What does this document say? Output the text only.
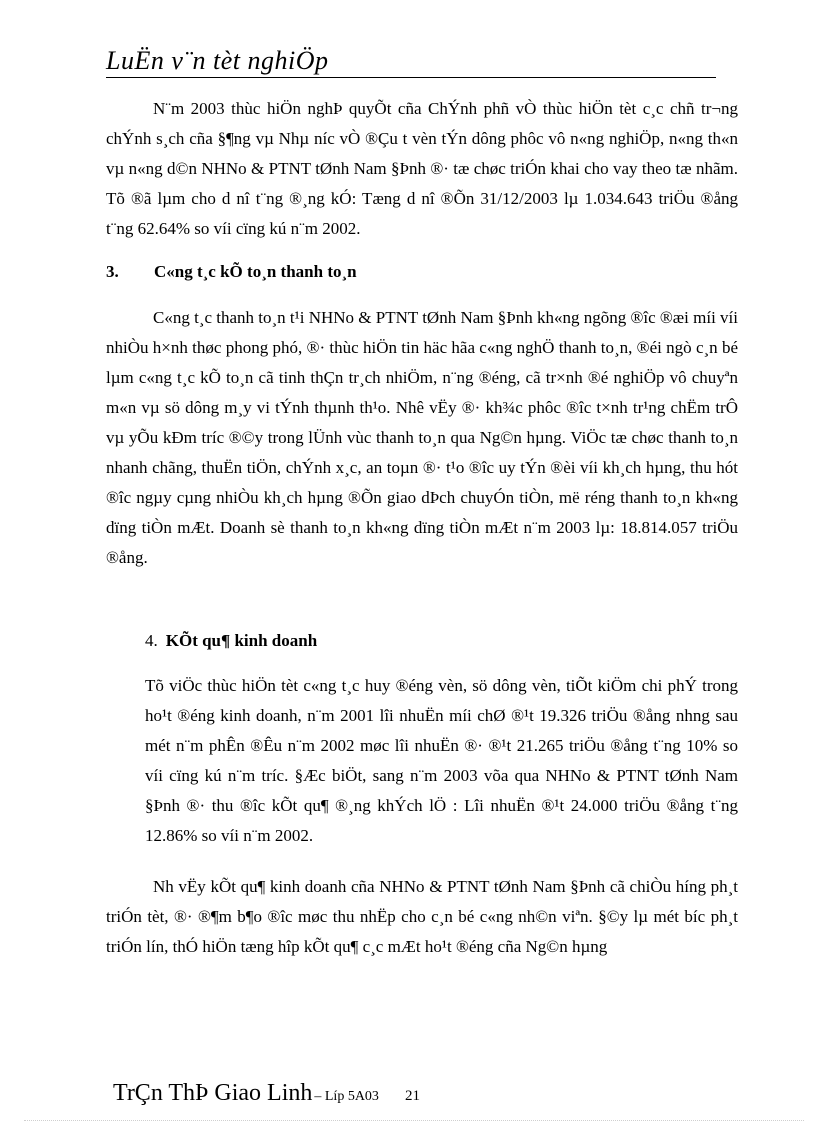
LuËn v¨n tèt nghiÖp

N¨m 2003 thùc hiÖn nghÞ quyÕt cña ChÝnh phñ vÒ thùc hiÖn tèt c¸c chñ tr¬ng chÝnh s¸ch cña §¶ng vµ Nhµ níc vÒ ®Çu t vèn tÝn dông phôc vô n«ng nghiÖp, n«ng th«n vµ n«ng d©n NHNo & PTNT tØnh Nam §Þnh ®· tæ chøc triÓn khai cho vay theo tæ nhãm. Tõ ®ã lµm cho d nî t¨ng ®¸ng kÓ: Tæng d nî ®Õn 31/12/2003 lµ 1.034.643 triÖu ®ång t¨ng 62.64% so víi cïng kú n¨m 2002.

3. C«ng t¸c kÕ to¸n thanh to¸n

C«ng t¸c thanh to¸n t¹i NHNo & PTNT tØnh Nam §Þnh kh«ng ngõng ®îc ®æi míi víi nhiÒu h×nh thøc phong phó, ®· thùc hiÖn tin häc hãa c«ng nghÖ thanh to¸n, ®éi ngò c¸n bé lµm c«ng t¸c kÕ to¸n cã tinh thÇn tr¸ch nhiÖm, n¨ng ®éng, cã tr×nh ®é nghiÖp vô chuyªn m«n vµ sö dông m¸y vi tÝnh thµnh th¹o. Nhê vËy ®· kh¾c phôc ®îc t×nh tr¹ng chËm trÔ vµ yÕu kÐm tríc ®©y trong lÜnh vùc thanh to¸n qua Ng©n hµng. ViÖc tæ chøc thanh to¸n nhanh chãng, thuËn tiÖn, chÝnh x¸c, an toµn ®· t¹o ®îc uy tÝn ®èi víi kh¸ch hµng, thu hót ®îc ngµy cµng nhiÒu kh¸ch hµng ®Õn giao dÞch chuyÓn tiÒn, më réng thanh to¸n kh«ng dïng tiÒn mÆt. Doanh sè thanh to¸n kh«ng dïng tiÒn mÆt n¨m 2003 lµ: 18.814.057 triÖu ®ång.

4. KÕt qu¶ kinh doanh

Tõ viÖc thùc hiÖn tèt c«ng t¸c huy ®éng vèn, sö dông vèn, tiÕt kiÖm chi phÝ trong ho¹t ®éng kinh doanh, n¨m 2001 lîi nhuËn míi chØ ®¹t 19.326 triÖu ®ång nhng sau mét n¨m phÊn ®Êu n¨m 2002 møc lîi nhuËn ®· ®¹t 21.265 triÖu ®ång t¨ng 10% so víi cïng kú n¨m tríc. §Æc biÖt, sang n¨m 2003 võa qua NHNo & PTNT tØnh Nam §Þnh ®· thu ®îc kÕt qu¶ ®¸ng khÝch lÖ : Lîi nhuËn ®¹t 24.000 triÖu ®ång t¨ng 12.86% so víi n¨m 2002.

Nh vËy kÕt qu¶ kinh doanh cña NHNo & PTNT tØnh Nam §Þnh cã chiÒu híng ph¸t triÓn tèt, ®· ®¶m b¶o ®îc møc thu nhËp cho c¸n bé c«ng nh©n viªn. §©y lµ mét bíc ph¸t triÓn lín, thÓ hiÖn tæng hîp kÕt qu¶ c¸c mÆt ho¹t ®éng cña Ng©n hµng

TrÇn ThÞ Giao Linh – Líp 5A03 21
